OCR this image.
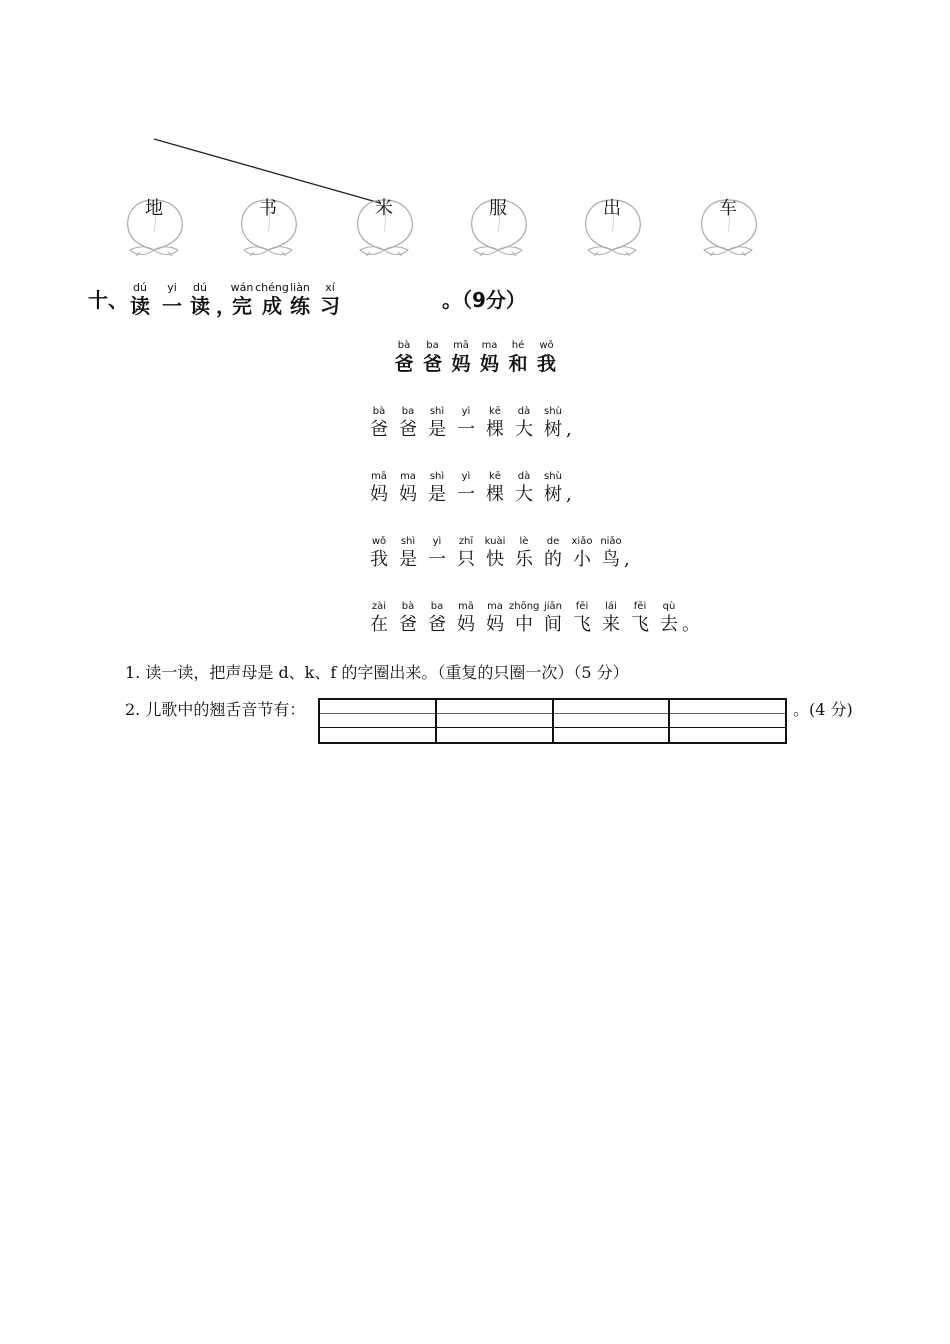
地	书	米	服	出	车
十、
dú
读
yi
一
dú
读 ，
wán
完
chéng
成
liàn
练
xí
习	。（9分）
bà
爸
ba
爸
mā
妈
ma
妈
hé
和
wǒ
我
bà
爸
ba
爸
shì
是
yì
一
kē
棵
dà
大
shù
树 ,
mā
妈
ma
妈
shì
是
yì
一
kē
棵
dà
大
shù
树 ,
wǒ
我
shì
是
yì
一
zhī
只
kuài
快
lè
乐
de
的
xiǎo
小
niǎo
鸟 ,
zài
在
bà
爸
ba
爸
mā
妈
ma
妈
zhōng
中
jiān
间
fēi
飞
lái
来
fēi
飞
qù
去 。
1. 读一读，把声母是 d、k、f 的字圈出来。（重复的只圈一次）（5 分）
2. 儿歌中的翘舌音节有：	。(4 分)
